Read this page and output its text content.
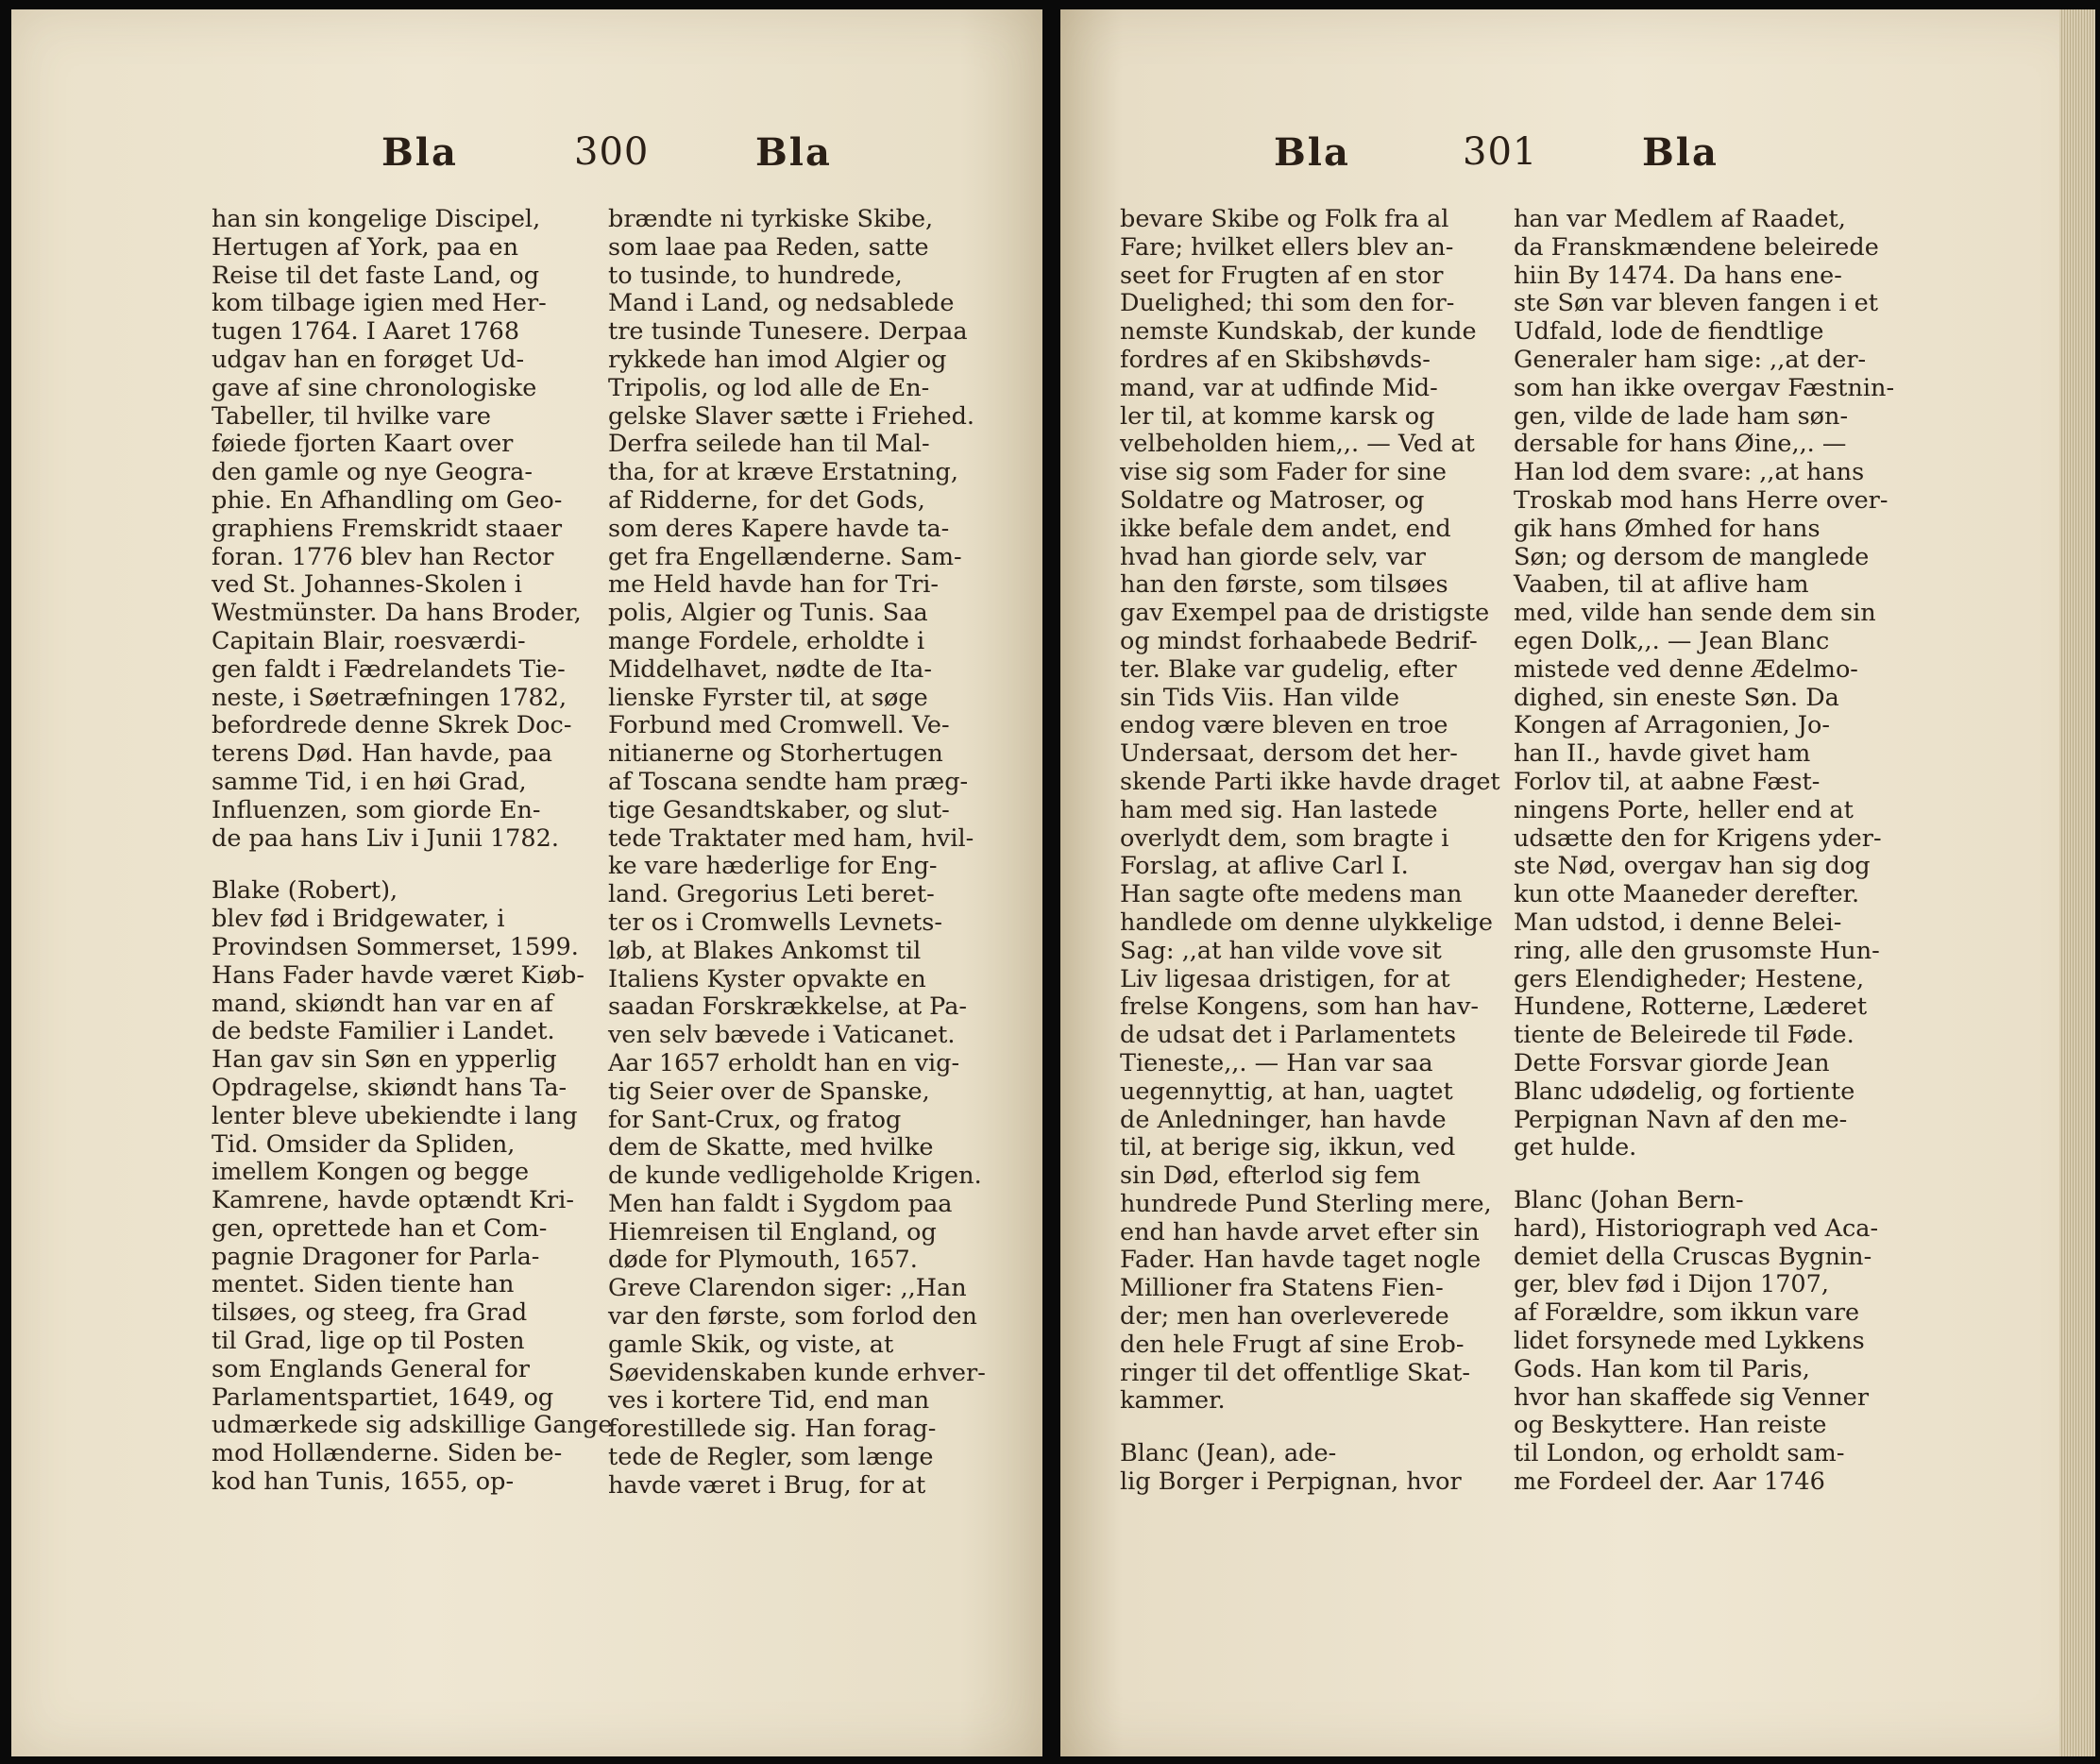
Bla	300	Bla

han sin kongelige Discipel,
Hertugen af York, paa en
Reise til det faste Land, og
kom tilbage igien med Her-
tugen 1764. I Aaret 1768
udgav han en forøget Ud-
gave af sine chronologiske
Tabeller, til hvilke vare
føiede fjorten Kaart over
den gamle og nye Geogra-
phie. En Afhandling om Geo-
graphiens Fremskridt staaer
foran. 1776 blev han Rector
ved St. Johannes-Skolen i
Westmünster. Da hans Broder,
Capitain Blair, roesværdi-
gen faldt i Fædrelandets Tie-
neste, i Søetræfningen 1782,
befordrede denne Skrek Doc-
terens Død. Han havde, paa
samme Tid, i en høi Grad,
Influenzen, som giorde En-
de paa hans Liv i Junii 1782.

Blake (Robert),
blev fød i Bridgewater, i
Provindsen Sommerset, 1599.
Hans Fader havde været Kiøb-
mand, skiøndt han var en af
de bedste Familier i Landet.
Han gav sin Søn en ypperlig
Opdragelse, skiøndt hans Ta-
lenter bleve ubekiendte i lang
Tid. Omsider da Spliden,
imellem Kongen og begge
Kamrene, havde optændt Kri-
gen, oprettede han et Com-
pagnie Dragoner for Parla-
mentet. Siden tiente han
tilsøes, og steeg, fra Grad
til Grad, lige op til Posten
som Englands General for
Parlamentspartiet, 1649, og
udmærkede sig adskillige Gange
mod Hollænderne. Siden be-
kod han Tunis, 1655, op-

brændte ni tyrkiske Skibe,
som laae paa Reden, satte
to tusinde, to hundrede,
Mand i Land, og nedsablede
tre tusinde Tunesere. Derpaa
rykkede han imod Algier og
Tripolis, og lod alle de En-
gelske Slaver sætte i Friehed.
Derfra seilede han til Mal-
tha, for at kræve Erstatning,
af Ridderne, for det Gods,
som deres Kapere havde ta-
get fra Engellænderne. Sam-
me Held havde han for Tri-
polis, Algier og Tunis. Saa
mange Fordele, erholdte i
Middelhavet, nødte de Ita-
lienske Fyrster til, at søge
Forbund med Cromwell. Ve-
nitianerne og Storhertugen
af Toscana sendte ham præg-
tige Gesandtskaber, og slut-
tede Traktater med ham, hvil-
ke vare hæderlige for Eng-
land. Gregorius Leti beret-
ter os i Cromwells Levnets-
løb, at Blakes Ankomst til
Italiens Kyster opvakte en
saadan Forskrækkelse, at Pa-
ven selv bævede i Vaticanet.
Aar 1657 erholdt han en vig-
tig Seier over de Spanske,
for Sant-Crux, og fratog
dem de Skatte, med hvilke
de kunde vedligeholde Krigen.
Men han faldt i Sygdom paa
Hiemreisen til England, og
døde for Plymouth, 1657.
Greve Clarendon siger: ,,Han
var den første, som forlod den
gamle Skik, og viste, at
Søevidenskaben kunde erhver-
ves i kortere Tid, end man
forestillede sig. Han forag-
tede de Regler, som længe
havde været i Brug, for at

Bla	301	Bla

bevare Skibe og Folk fra al
Fare; hvilket ellers blev an-
seet for Frugten af en stor
Duelighed; thi som den for-
nemste Kundskab, der kunde
fordres af en Skibshøvds-
mand, var at udfinde Mid-
ler til, at komme karsk og
velbeholden hiem,,. — Ved at
vise sig som Fader for sine
Soldatre og Matroser, og
ikke befale dem andet, end
hvad han giorde selv, var
han den første, som tilsøes
gav Exempel paa de dristigste
og mindst forhaabede Bedrif-
ter. Blake var gudelig, efter
sin Tids Viis. Han vilde
endog være bleven en troe
Undersaat, dersom det her-
skende Parti ikke havde draget
ham med sig. Han lastede
overlydt dem, som bragte i
Forslag, at aflive Carl I.
Han sagte ofte medens man
handlede om denne ulykkelige
Sag: ,,at han vilde vove sit
Liv ligesaa dristigen, for at
frelse Kongens, som han hav-
de udsat det i Parlamentets
Tieneste,,. — Han var saa
uegennyttig, at han, uagtet
de Anledninger, han havde
til, at berige sig, ikkun, ved
sin Død, efterlod sig fem
hundrede Pund Sterling mere,
end han havde arvet efter sin
Fader. Han havde taget nogle
Millioner fra Statens Fien-
der; men han overleverede
den hele Frugt af sine Erob-
ringer til det offentlige Skat-
kammer.

Blanc (Jean), ade-
lig Borger i Perpignan, hvor

han var Medlem af Raadet,
da Franskmændene beleirede
hiin By 1474. Da hans ene-
ste Søn var bleven fangen i et
Udfald, lode de fiendtlige
Generaler ham sige: ,,at der-
som han ikke overgav Fæstnin-
gen, vilde de lade ham søn-
dersable for hans Øine,,. —
Han lod dem svare: ,,at hans
Troskab mod hans Herre over-
gik hans Ømhed for hans
Søn; og dersom de manglede
Vaaben, til at aflive ham
med, vilde han sende dem sin
egen Dolk,,. — Jean Blanc
mistede ved denne Ædelmo-
dighed, sin eneste Søn. Da
Kongen af Arragonien, Jo-
han II., havde givet ham
Forlov til, at aabne Fæst-
ningens Porte, heller end at
udsætte den for Krigens yder-
ste Nød, overgav han sig dog
kun otte Maaneder derefter.
Man udstod, i denne Belei-
ring, alle den grusomste Hun-
gers Elendigheder; Hestene,
Hundene, Rotterne, Læderet
tiente de Beleirede til Føde.
Dette Forsvar giorde Jean
Blanc udødelig, og fortiente
Perpignan Navn af den me-
get hulde.

Blanc (Johan Bern-
hard), Historiograph ved Aca-
demiet della Cruscas Bygnin-
ger, blev fød i Dijon 1707,
af Forældre, som ikkun vare
lidet forsynede med Lykkens
Gods. Han kom til Paris,
hvor han skaffede sig Venner
og Beskyttere. Han reiste
til London, og erholdt sam-
me Fordeel der. Aar 1746
